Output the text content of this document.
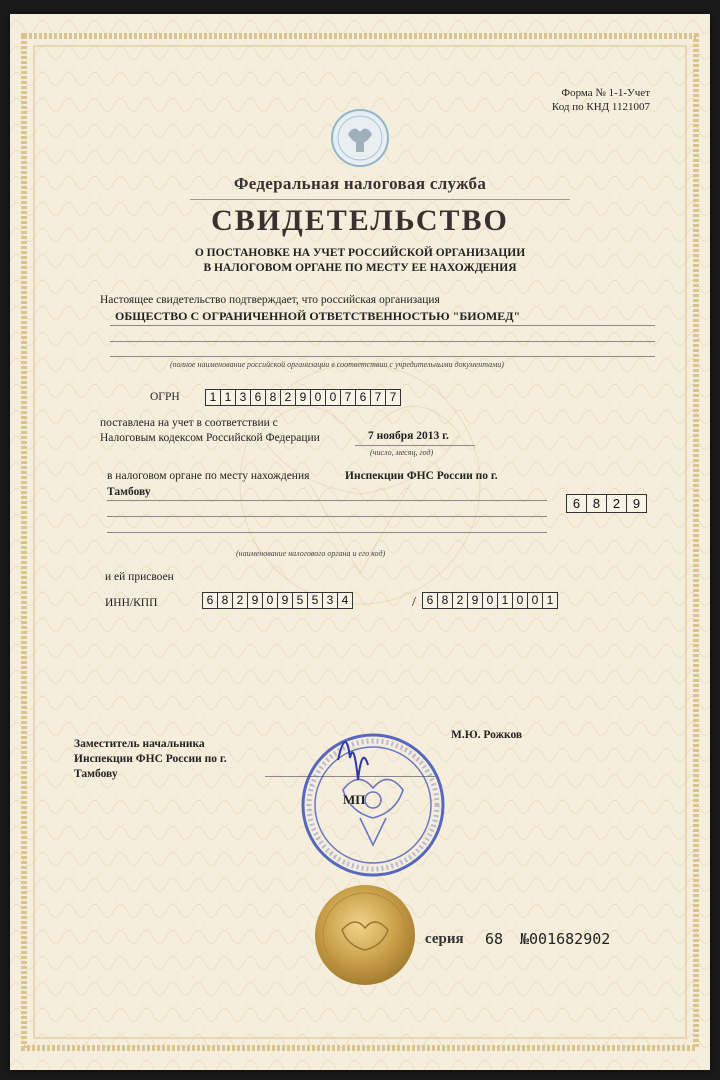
Форма № 1-1-Учет
Код по КНД 1121007
Федеральная налоговая служба
СВИДЕТЕЛЬСТВО
О ПОСТАНОВКЕ НА УЧЕТ РОССИЙСКОЙ ОРГАНИЗАЦИИ
В НАЛОГОВОМ ОРГАНЕ ПО МЕСТУ ЕЕ НАХОЖДЕНИЯ
Настоящее свидетельство подтверждает, что российская организация
ОБЩЕСТВО С ОГРАНИЧЕННОЙ ОТВЕТСТВЕННОСТЬЮ "БИОМЕД"
(полное наименование российской организации в соответствии с учредительными документами)
ОГРН	1 1 3 6 8 2 9 0 0 7 6 7 7
поставлена на учет в соответствии с
Налоговым кодексом Российской Федерации	7 ноября 2013 г.
(число, месяц, год)
в налоговом органе по месту нахождения	Инспекции ФНС России по г.
Тамбову
6 8 2 9
(наименование налогового органа и его код)
и ей присвоен
ИНН/КПП	6 8 2 9 0 9 5 5 3 4	/ 6 8 2 9 0 1 0 0 1
Заместитель начальника
Инспекции ФНС России по г.
Тамбову
М.Ю. Рожков
МП
серия 68 №001682902
